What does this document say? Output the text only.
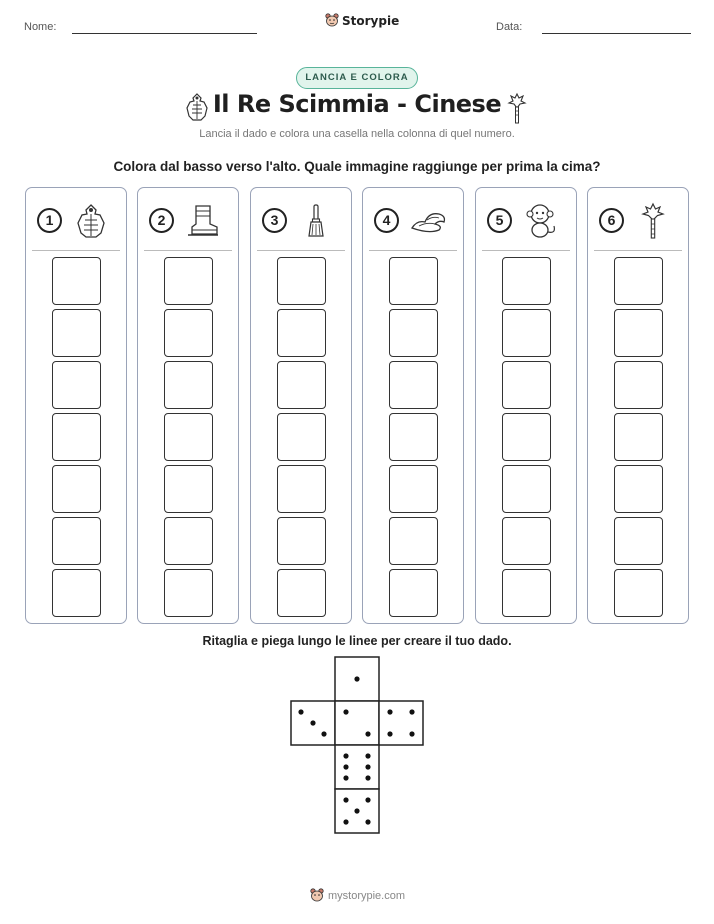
Nome:	Storypie	Data:
LANCIA E COLORA
Il Re Scimmia - Cinese
Lancia il dado e colora una casella nella colonna di quel numero.
Colora dal basso verso l'alto. Quale immagine raggiunge per prima la cima?
1	2	3	4	5	6
Ritaglia e piega lungo le linee per creare il tuo dado.
mystorypie.com
